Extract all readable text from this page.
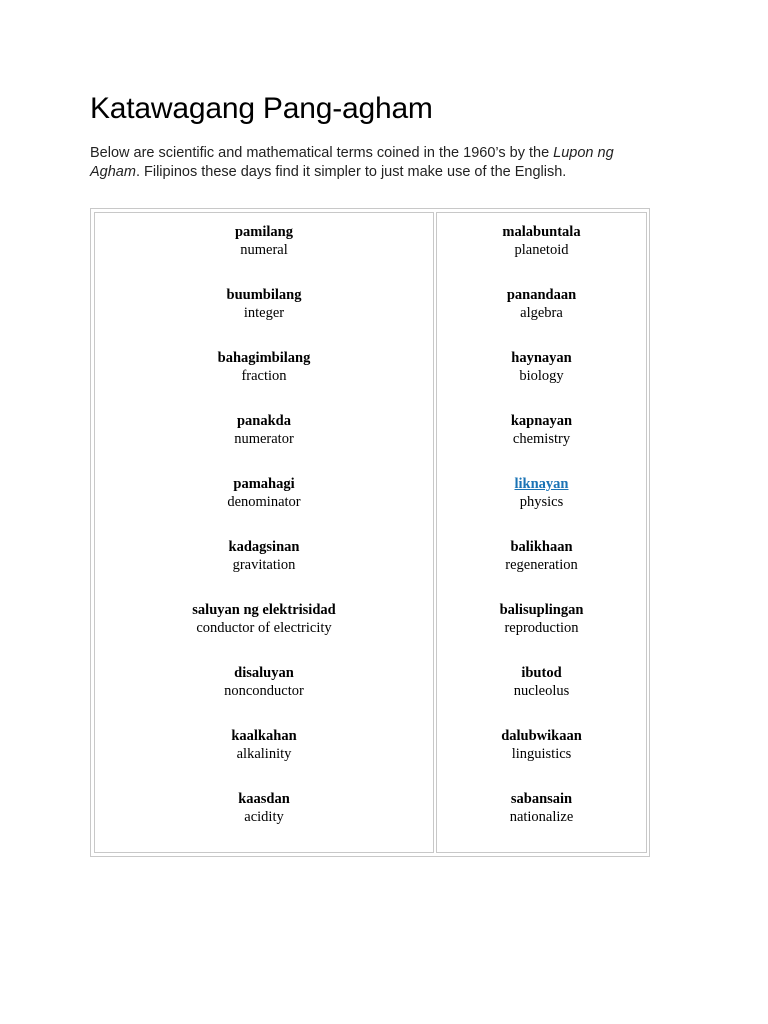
Katawagang Pang-agham

Below are scientific and mathematical terms coined in the 1960’s by the Lupon ng Agham. Filipinos these days find it simpler to just make use of the English.

pamilang
numeral
buumbilang
integer
bahagimbilang
fraction
panakda
numerator
pamahagi
denominator
kadagsinan
gravitation
saluyan ng elektrisidad
conductor of electricity
disaluyan
nonconductor
kaalkahan
alkalinity
kaasdan
acidity
malabuntala
planetoid
panandaan
algebra
haynayan
biology
kapnayan
chemistry
liknayan
physics
balikhaan
regeneration
balisuplingan
reproduction
ibutod
nucleolus
dalubwikaan
linguistics
sabansain
nationalize
